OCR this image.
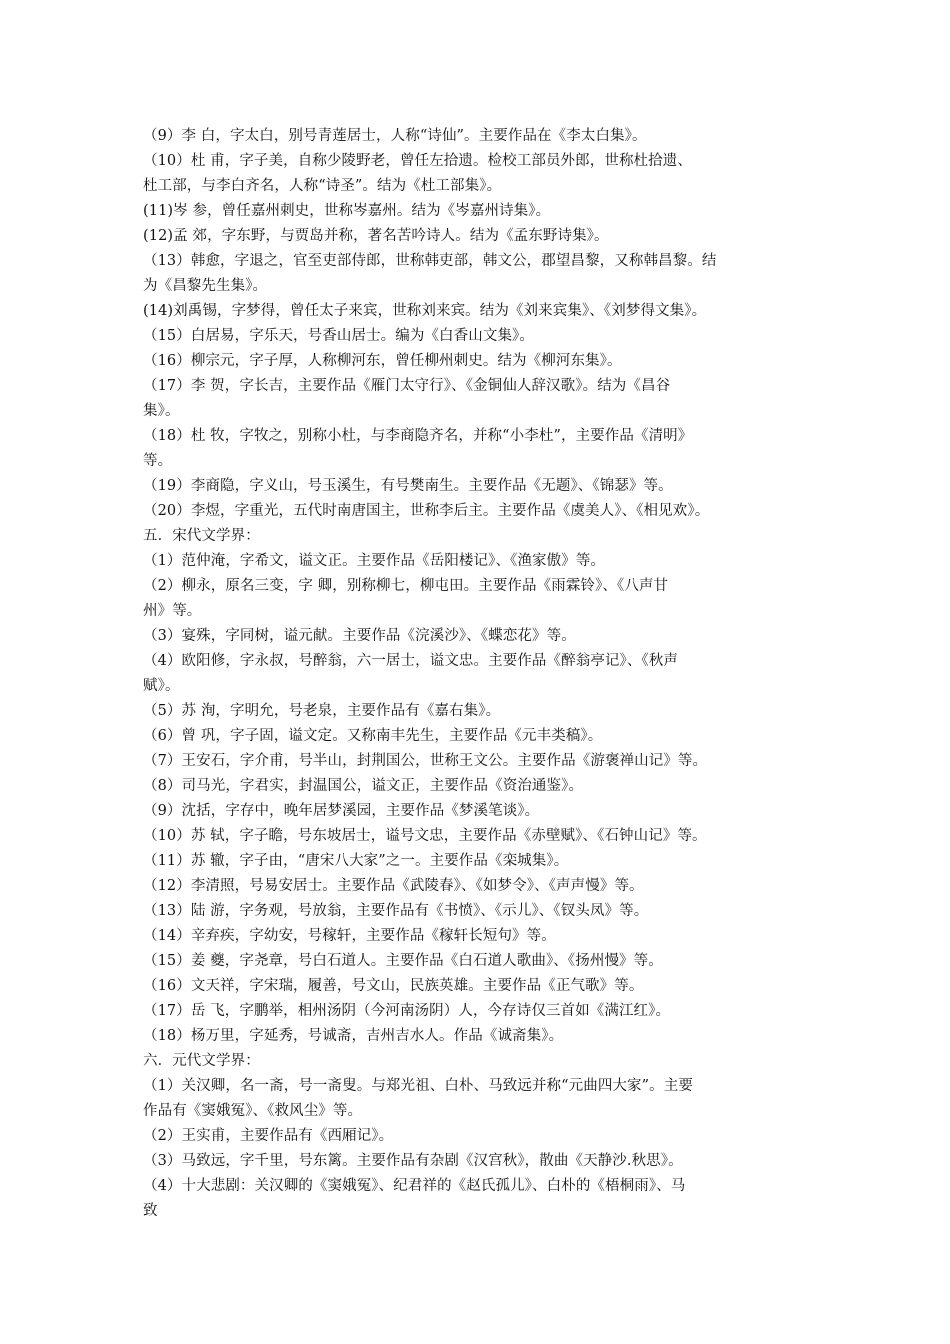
（9）李 白，字太白，别号青莲居士，人称“诗仙”。主要作品在《李太白集》。
（10）杜 甫，字子美，自称少陵野老，曾任左拾遗。检校工部员外郎，世称杜拾遗、
杜工部，与李白齐名，人称“诗圣”。结为《杜工部集》。
(11)岑 参，曾任嘉州刺史，世称岑嘉州。结为《岑嘉州诗集》。
(12)孟 郊，字东野，与贾岛并称，著名苦吟诗人。结为《孟东野诗集》。
（13）韩愈，字退之，官至吏部侍郎，世称韩吏部，韩文公，郡望昌黎，又称韩昌黎。结
为《昌黎先生集》。
(14)刘禹锡，字梦得，曾任太子来宾，世称刘来宾。结为《刘来宾集》、《刘梦得文集》。
（15）白居易，字乐天，号香山居士。编为《白香山文集》。
（16）柳宗元，字子厚，人称柳河东，曾任柳州刺史。结为《柳河东集》。
（17）李 贺，字长吉，主要作品《雁门太守行》、《金铜仙人辞汉歌》。结为《昌谷
集》。
（18）杜 牧，字牧之，别称小杜，与李商隐齐名，并称“小李杜”，主要作品《清明》
等。
（19）李商隐，字义山，号玉溪生，有号樊南生。主要作品《无题》、《锦瑟》等。
（20）李煜，字重光，五代时南唐国主，世称李后主。主要作品《虞美人》、《相见欢》。
五．宋代文学界：
（1）范仲淹，字希文，谥文正。主要作品《岳阳楼记》、《渔家傲》等。
（2）柳永，原名三变，字 卿，别称柳七，柳屯田。主要作品《雨霖铃》、《八声甘
州》等。
（3）宴殊，字同树，谥元献。主要作品《浣溪沙》、《蝶恋花》等。
（4）欧阳修，字永叔，号醉翁，六一居士，谥文忠。主要作品《醉翁亭记》、《秋声
赋》。
（5）苏 洵，字明允，号老泉，主要作品有《嘉右集》。
（6）曾 巩，字子固，谥文定。又称南丰先生，主要作品《元丰类稿》。
（7）王安石，字介甫，号半山，封荆国公，世称王文公。主要作品《游褒禅山记》等。
（8）司马光，字君实，封温国公，谥文正，主要作品《资治通鉴》。
（9）沈括，字存中，晚年居梦溪园，主要作品《梦溪笔谈》。
（10）苏 轼，字子瞻，号东坡居士，谥号文忠，主要作品《赤壁赋》、《石钟山记》等。
（11）苏 辙，字子由，“唐宋八大家”之一。主要作品《栾城集》。
（12）李清照，号易安居士。主要作品《武陵春》、《如梦令》、《声声慢》等。
（13）陆 游，字务观，号放翁，主要作品有《书愤》、《示儿》、《钗头凤》等。
（14）辛弃疾，字幼安，号稼轩，主要作品《稼轩长短句》等。
（15）姜 夔，字尧章，号白石道人。主要作品《白石道人歌曲》、《扬州慢》等。
（16）文天祥，字宋瑞，履善，号文山，民族英雄。主要作品《正气歌》等。
（17）岳 飞，字鹏举，相州汤阴（今河南汤阴）人，今存诗仅三首如《满江红》。
（18）杨万里，字延秀，号诚斋，吉州吉水人。作品《诚斋集》。
六．元代文学界：
（1）关汉卿，名一斋，号一斋叟。与郑光祖、白朴、马致远并称“元曲四大家”。主要
作品有《窦娥冤》、《救风尘》等。
（2）王实甫，主要作品有《西厢记》。
（3）马致远，字千里，号东篱。主要作品有杂剧《汉宫秋》，散曲《天静沙.秋思》。
（4）十大悲剧：关汉卿的《窦娥冤》、纪君祥的《赵氏孤儿》、白朴的《梧桐雨》、马
致
